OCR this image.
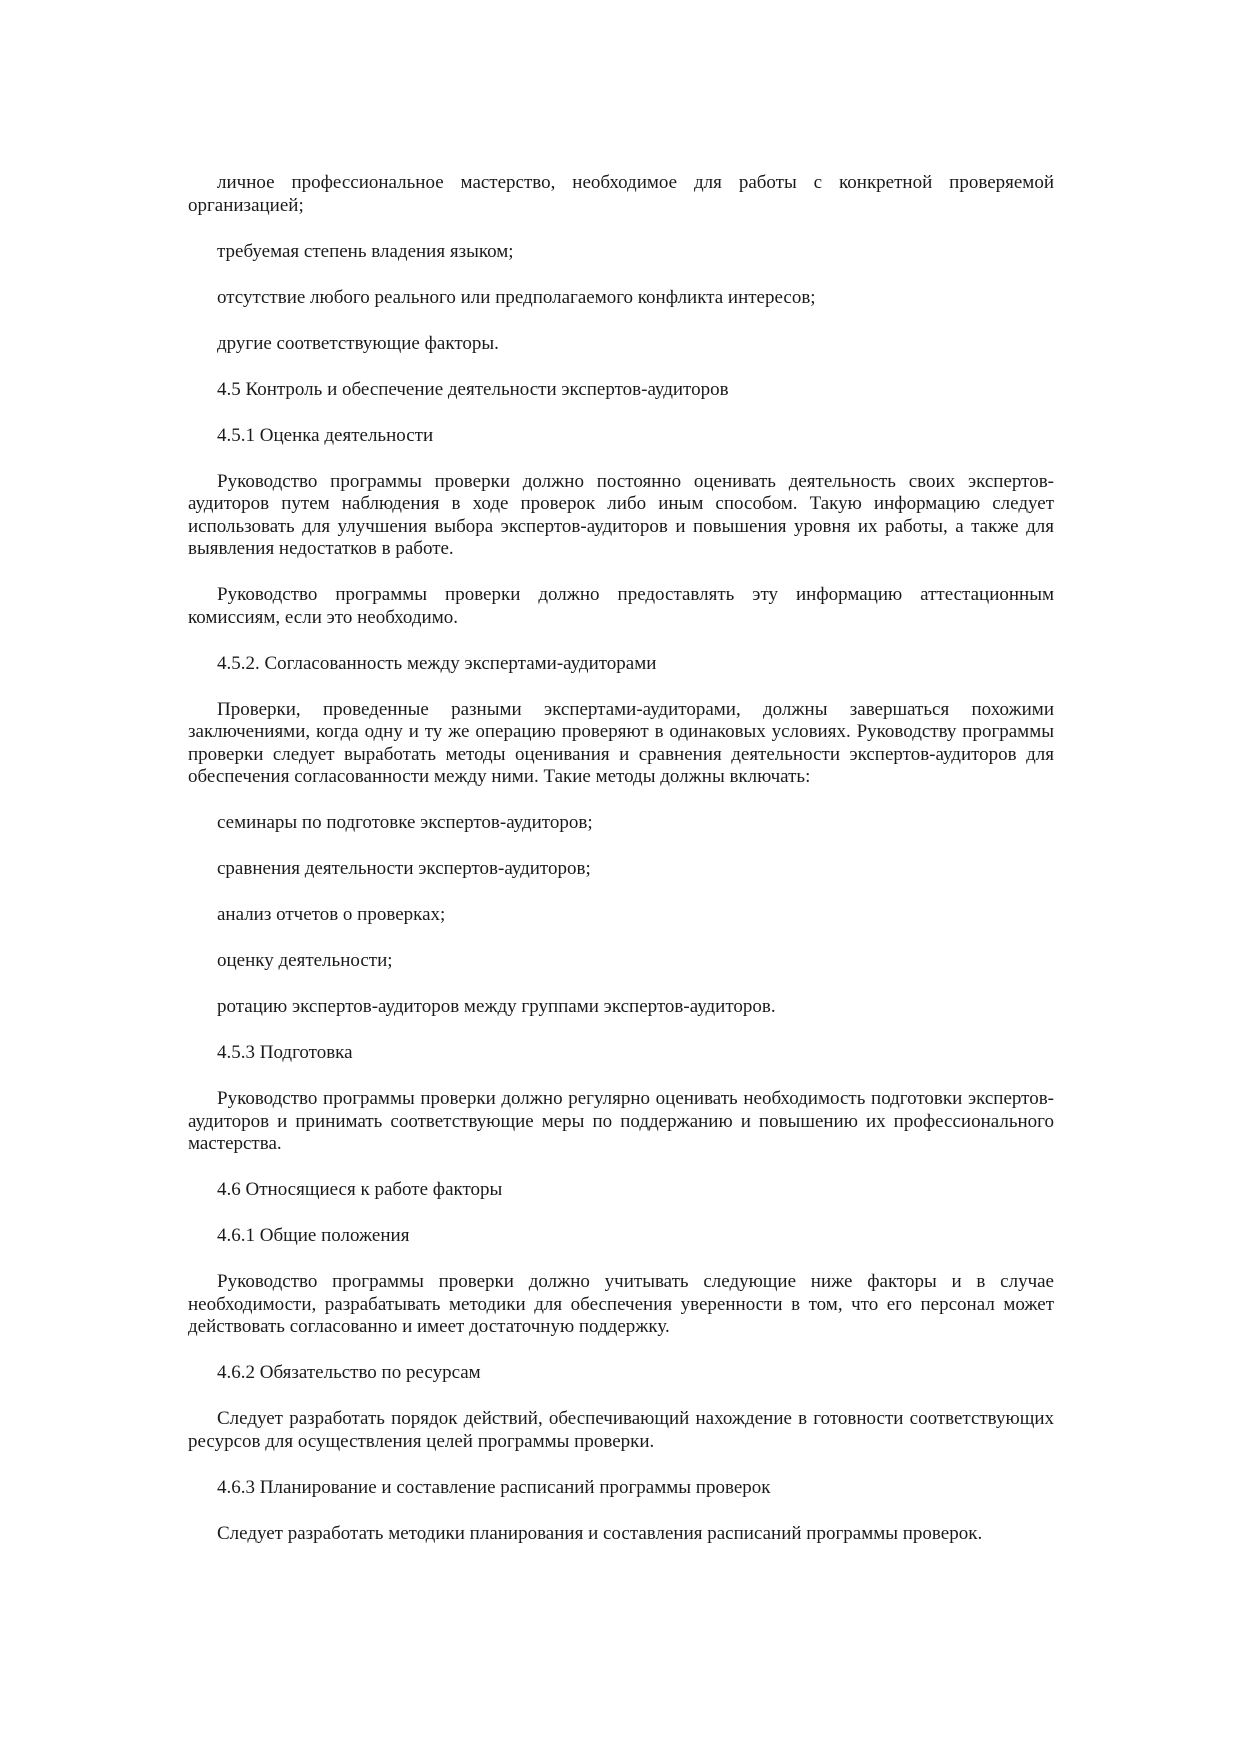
личное профессиональное мастерство, необходимое для работы с конкретной проверяемой организацией;

требуемая степень владения языком;

отсутствие любого реального или предполагаемого конфликта интересов;

другие соответствующие факторы.

4.5 Контроль и обеспечение деятельности экспертов-аудиторов

4.5.1 Оценка деятельности

Руководство программы проверки должно постоянно оценивать деятельность своих экспертов-аудиторов путем наблюдения в ходе проверок либо иным способом. Такую информацию следует использовать для улучшения выбора экспертов-аудиторов и повышения уровня их работы, а также для выявления недостатков в работе.

Руководство программы проверки должно предоставлять эту информацию аттестационным комиссиям, если это необходимо.

4.5.2. Согласованность между экспертами-аудиторами

Проверки, проведенные разными экспертами-аудиторами, должны завершаться похожими заключениями, когда одну и ту же операцию проверяют в одинаковых условиях. Руководству программы проверки следует выработать методы оценивания и сравнения деятельности экспертов-аудиторов для обеспечения согласованности между ними. Такие методы должны включать:

семинары по подготовке экспертов-аудиторов;

сравнения деятельности экспертов-аудиторов;

анализ отчетов о проверках;

оценку деятельности;

ротацию экспертов-аудиторов между группами экспертов-аудиторов.

4.5.3 Подготовка

Руководство программы проверки должно регулярно оценивать необходимость подготовки экспертов-аудиторов и принимать соответствующие меры по поддержанию и повышению их профессионального мастерства.

4.6 Относящиеся к работе факторы

4.6.1 Общие положения

Руководство программы проверки должно учитывать следующие ниже факторы и в случае необходимости, разрабатывать методики для обеспечения уверенности в том, что его персонал может действовать согласованно и имеет достаточную поддержку.

4.6.2 Обязательство по ресурсам

Следует разработать порядок действий, обеспечивающий нахождение в готовности соответствующих ресурсов для осуществления целей программы проверки.

4.6.3 Планирование и составление расписаний программы проверок

Следует разработать методики планирования и составления расписаний программы проверок.
